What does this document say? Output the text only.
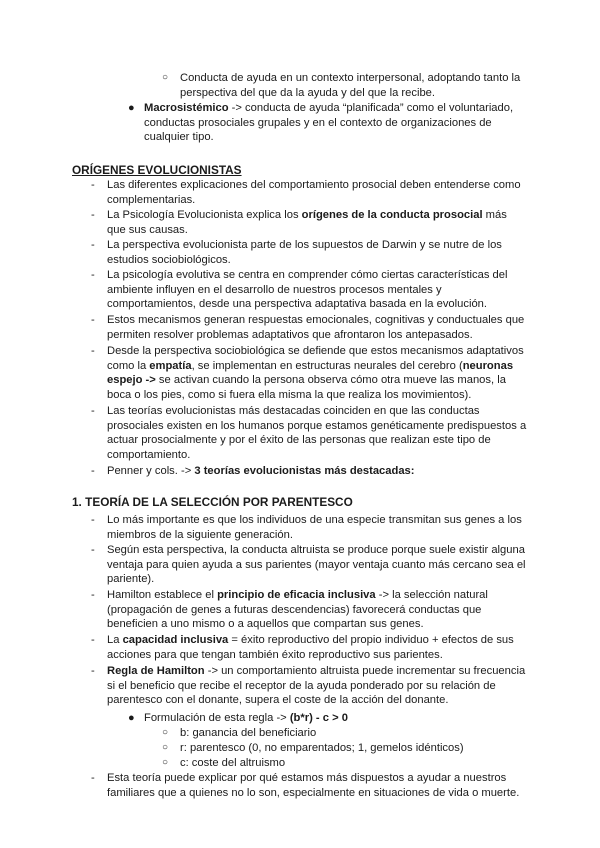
○ Conducta de ayuda en un contexto interpersonal, adoptando tanto la perspectiva del que da la ayuda y del que la recibe.
● Macrosistémico -> conducta de ayuda “planificada” como el voluntariado, conductas prosociales grupales y en el contexto de organizaciones de cualquier tipo.
ORÍGENES EVOLUCIONISTAS
- Las diferentes explicaciones del comportamiento prosocial deben entenderse como complementarias.
- La Psicología Evolucionista explica los orígenes de la conducta prosocial más que sus causas.
- La perspectiva evolucionista parte de los supuestos de Darwin y se nutre de los estudios sociobiológicos.
- La psicología evolutiva se centra en comprender cómo ciertas características del ambiente influyen en el desarrollo de nuestros procesos mentales y comportamientos, desde una perspectiva adaptativa basada en la evolución.
- Estos mecanismos generan respuestas emocionales, cognitivas y conductuales que permiten resolver problemas adaptativos que afrontaron los antepasados.
- Desde la perspectiva sociobiológica se defiende que estos mecanismos adaptativos como la empatía, se implementan en estructuras neurales del cerebro (neuronas espejo -> se activan cuando la persona observa cómo otra mueve las manos, la boca o los pies, como si fuera ella misma la que realiza los movimientos).
- Las teorías evolucionistas más destacadas coinciden en que las conductas prosociales existen en los humanos porque estamos genéticamente predispuestos a actuar prosocialmente y por el éxito de las personas que realizan este tipo de comportamiento.
- Penner y cols. -> 3 teorías evolucionistas más destacadas:
1. TEORÍA DE LA SELECCIÓN POR PARENTESCO
- Lo más importante es que los individuos de una especie transmitan sus genes a los miembros de la siguiente generación.
- Según esta perspectiva, la conducta altruista se produce porque suele existir alguna ventaja para quien ayuda a sus parientes (mayor ventaja cuanto más cercano sea el pariente).
- Hamilton establece el principio de eficacia inclusiva -> la selección natural (propagación de genes a futuras descendencias) favorecerá conductas que beneficien a uno mismo o a aquellos que compartan sus genes.
- La capacidad inclusiva = éxito reproductivo del propio individuo + efectos de sus acciones para que tengan también éxito reproductivo sus parientes.
- Regla de Hamilton -> un comportamiento altruista puede incrementar su frecuencia si el beneficio que recibe el receptor de la ayuda ponderado por su relación de parentesco con el donante, supera el coste de la acción del donante.
● Formulación de esta regla -> (b*r) - c > 0
○ b: ganancia del beneficiario
○ r: parentesco (0, no emparentados; 1, gemelos idénticos)
○ c: coste del altruismo
- Esta teoría puede explicar por qué estamos más dispuestos a ayudar a nuestros familiares que a quienes no lo son, especialmente en situaciones de vida o muerte.
